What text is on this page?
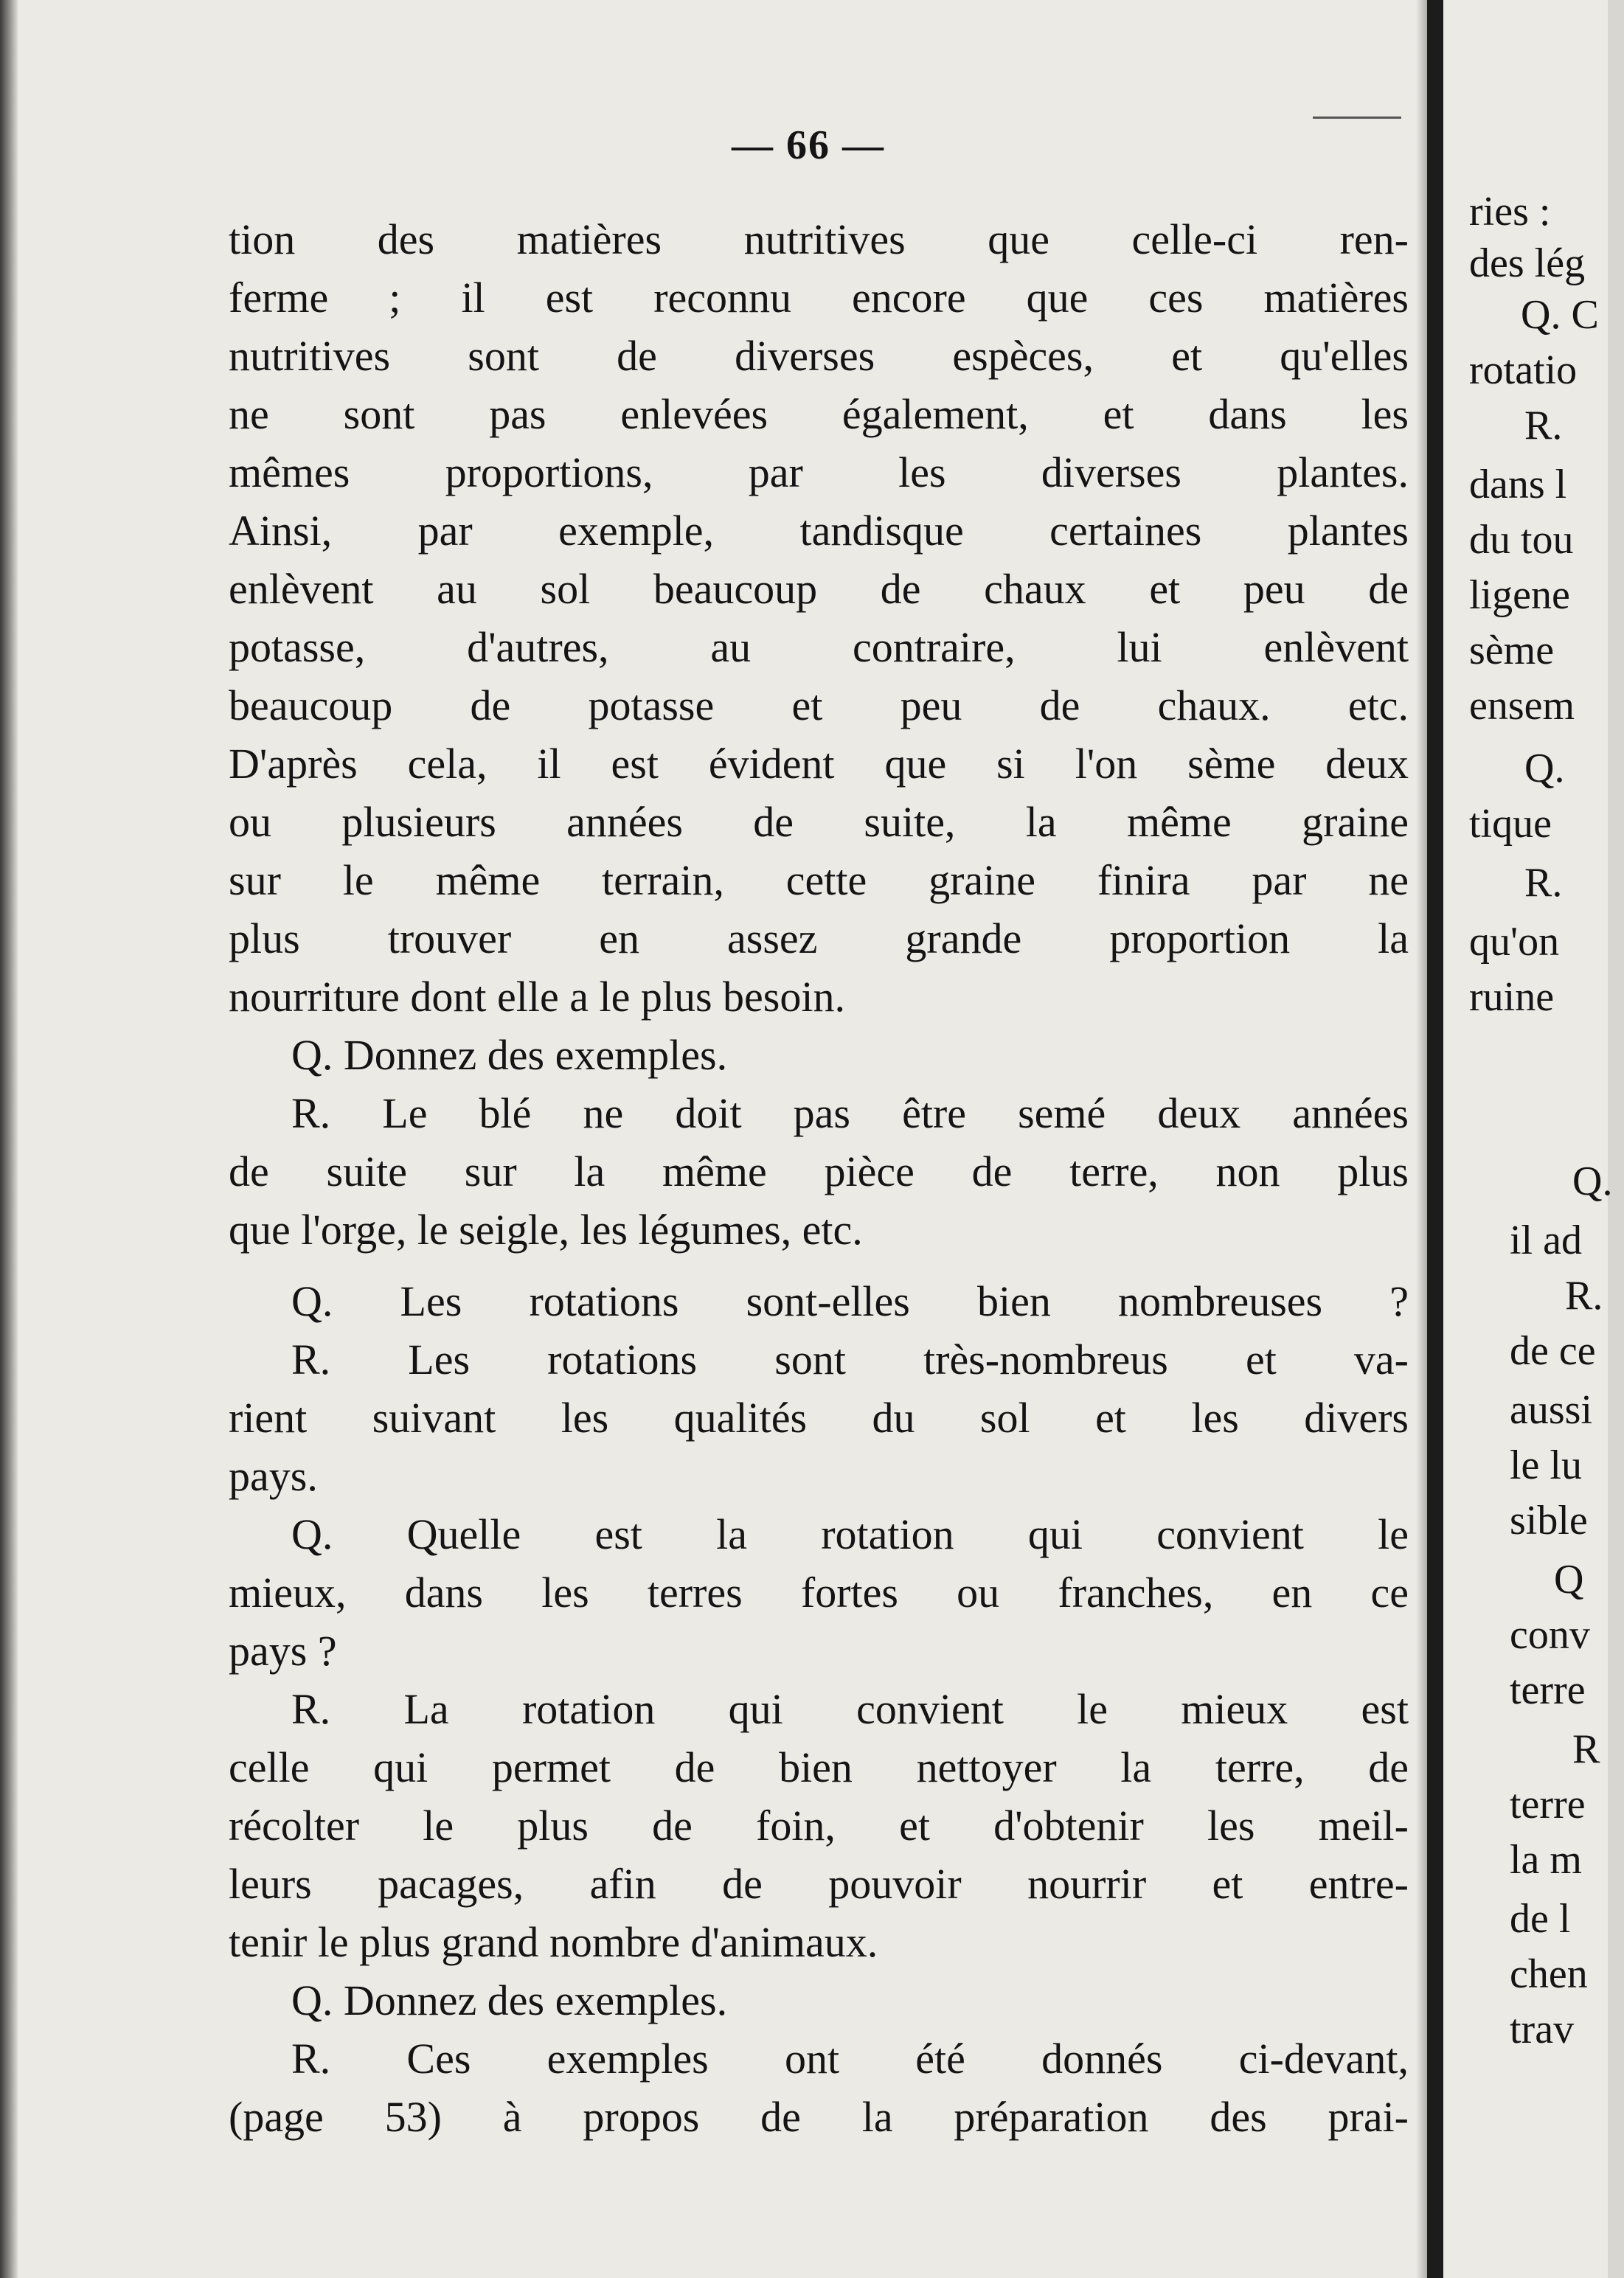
— 66 —
tion des matières nutritives que celle-ci ren-
ferme ; il est reconnu encore que ces matières
nutritives sont de diverses espèces, et qu'elles
ne sont pas enlevées également, et dans les
mêmes proportions, par les diverses plantes.
Ainsi, par exemple, tandisque certaines plantes
enlèvent au sol beaucoup de chaux et peu de
potasse, d'autres, au contraire, lui enlèvent
beaucoup de potasse et peu de chaux. etc.
D'après cela, il est évident que si l'on sème deux
ou plusieurs années de suite, la même graine
sur le même terrain, cette graine finira par ne
plus trouver en assez grande proportion la
nourriture dont elle a le plus besoin.
Q. Donnez des exemples.
R. Le blé ne doit pas être semé deux années
de suite sur la même pièce de terre, non plus
que l'orge, le seigle, les légumes, etc.
Q. Les rotations sont-elles bien nombreuses ?
R. Les rotations sont très-nombreus et va-
rient suivant les qualités du sol et les divers
pays.
Q. Quelle est la rotation qui convient le
mieux, dans les terres fortes ou franches, en ce
pays ?
R. La rotation qui convient le mieux est
celle qui permet de bien nettoyer la terre, de
récolter le plus de foin, et d'obtenir les meil-
leurs pacages, afin de pouvoir nourrir et entre-
tenir le plus grand nombre d'animaux.
Q. Donnez des exemples.
R. Ces exemples ont été donnés ci-devant,
(page 53) à propos de la préparation des prai-
ries :
des lég
Q. C
rotatio
R.
dans l
du tou
ligene
sème
ensem
Q.
tique
R.
qu'on
ruine
Q.
il ad
R.
de ce
aussi
le lu
sible
Q
conv
terre
R
terre
la m
de l
chen
trav
